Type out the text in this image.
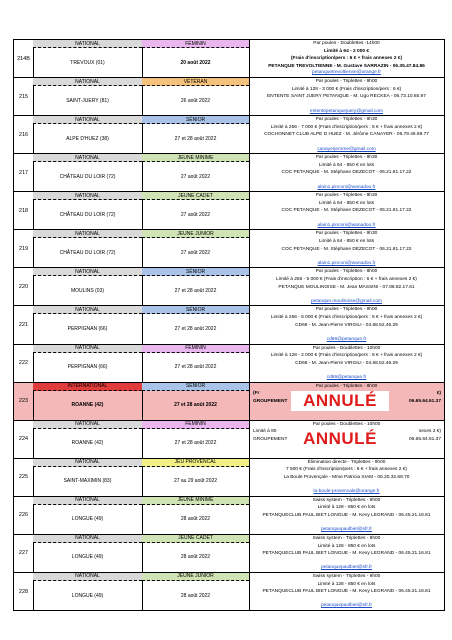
214B
NATIONAL
TREVOUX (01)
FÉMININ
20 août 2022
Par poules - Doublettes -14h00
Limité à 64 - 2 000 €
(Frais d'inscription/pers : 6 € + frais annexes 2 €)
PETANQUE TREVOLTIENNE - M. Gustave SARRAZIN - 06.35.47.84.86
petanquetrevoltienne@orange.fr
215
NATIONAL
SAINT-JUERY (81)
VÉTÉRAN
26 août 2022
Par poules - Triplettes - 9h00
Limité à 128 - 3 000 € (Frais d'inscription/pers : 6 €)
ENTENTE SAINT JUERY PETANQUE - M. Ugo RECKEA - 06.73.10.65.97
ententepetanquejuery@gmail.com
216
NATIONAL
ALPE D'HUEZ (38)
SÉNIOR
27 et 28 août 2022
Par poules - Triplettes - 9h30
Limité à 256 - 7 000 € (Frais d'inscription/pers : 6 € + frais annexes 2 €)
COCHONNET CLUB ALPE D HUEZ - M. Jérôme CANAYER - 06.79.46.89.77
canayerjerome@gmail.com
217
NATIONAL
CHÂTEAU DU LOIR (72)
JEUNE MINIME
27 août 2022
Par poules - Triplettes - 9h30
Limité à 64 - 850 € en lots
COC PETANQUE - M. Stéphane DEZECOT - 06.21.81.17.22
alain1.pinconi@wanadoo.fr
218
NATIONAL
CHÂTEAU DU LOIR (72)
JEUNE CADET
27 août 2022
Par poules - Triplettes - 9h30
Limité à 64 - 850 € en lots
COC PETANQUE - M. Stéphane DEZECOT - 06.21.81.17.22
alain1.pinconi@wanadoo.fr
219
NATIONAL
CHÂTEAU DU LOIR (72)
JEUNE JUNIOR
27 août 2022
Par poules - Triplettes - 9h30
Limité à 64 - 850 € en lots
COC PETANQUE - M. Stéphane DEZECOT - 06.21.81.17.22
alain1.pinconi@wanadoo.fr
220
NATIONAL
MOULINS (03)
SÉNIOR
27 et 28 août 2022
Par poules - Triplettes - 8h00
Limité à 256 - 5 000 € (Frais d'inscription : 6 € + frais annexes 2 €)
PETANQUE MOULINOISE - M. Jean MASSINI - 07.88.82.17.61
petanque.moulinoise@gmail.com
221
NATIONAL
PERPIGNAN (66)
SÉNIOR
27 et 28 août 2022
Par poules - Triplettes - 9h00
Limité à 256 - 5 000 € (Frais d'inscription/pers : 6 € + frais annexes 2 €)
CD66 - M. Jean-Pierre VIRGILI - 04.68.52.46.29
cd66@petanque.fr
222
NATIONAL
PERPIGNAN (66)
FÉMININ
27 et 28 août 2022
Par poules - Doublettes - 10h00
Limité à 128 - 2 000 € (Frais d'inscription/pers : 6 € + frais annexes 2 €)
CD66 - M. Jean-Pierre VIRGILI - 04.68.52.46.29
cd66@petanque.fr
223
INTERNATIONAL
ROANNE (42)
SÉNIOR
27 et 28 août 2022
Par poules - Triplettes - 9h00
(Fr
GROUPEMENT
€)
06.65.64.61.37
ANNULÉ
224
NATIONAL
ROANNE (42)
FÉMININ
27 et 28 août 2022
Par poules - Doublettes - 10h00
Limité à 80
GROUPEMENT
nexes 2 €)
06.65.64.61.37
ANNULÉ
225
NATIONAL
SAINT-MAXIMIN (83)
JEU PROVENCAL
27 au 29 août 2022
Élimination directe - Triplettes - 9h00
7 500 € (Frais d'inscription/pers : 6 € + frais annexes 2 €)
La Boule Provençale - Mme Patricia SIAM - 06.20.32.68.70
la-boule-provencale@orange.fr
226
NATIONAL
LONGUE (49)
JEUNE MINIME
28 août 2022
Swiss system - Triplettes - 9h00
Limité à 128 - 850 € en lots
PETANQUECLUB PAUL BIET LONGUE - M. Kevy LEGRAND - 06.45.21.16.81
petanquepaulbiet@sfr.fr
227
NATIONAL
LONGUE (49)
JEUNE CADET
28 août 2022
Swiss system - Triplettes - 9h00
Limité à 128 - 850 € en lots
PETANQUECLUB PAUL BIET LONGUE - M. Kevy LEGRAND - 06.45.21.16.81
petanquepaulbiet@sfr.fr
228
NATIONAL
LONGUE (49)
JEUNE JUNIOR
28 août 2022
Swiss system - Triplettes - 9h00
Limité à 128 - 850 € en lots
PETANQUECLUB PAUL BIET LONGUE - M. Kevy LEGRAND - 06.45.21.16.81
petanquepaulbiet@sfr.fr
